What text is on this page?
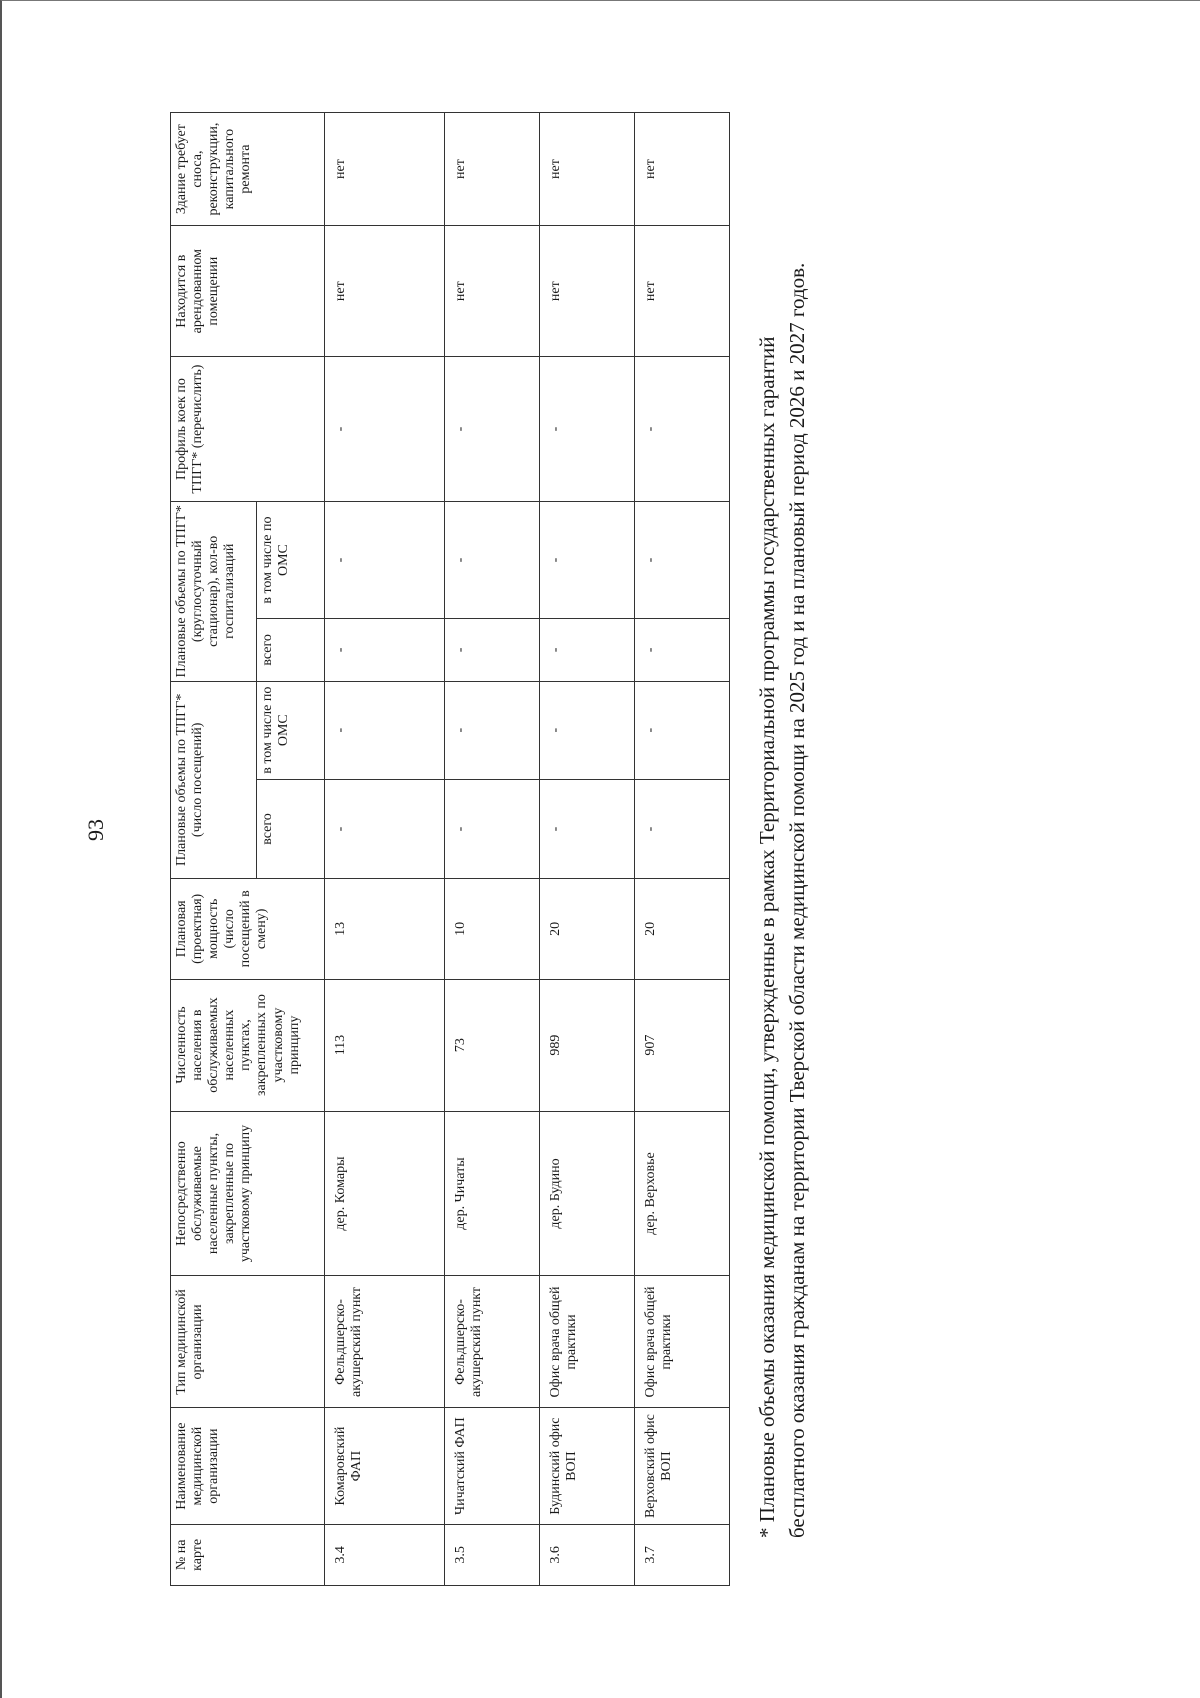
93
№ на карте	Наименование медицинской организации	Тип медицинской организации	Непосредственно обслуживаемые населенные пункты, закрепленные по участковому принципу	Численность населения в обслуживаемых населенных пунктах, закрепленных по участковому принципу	Плановая (проектная) мощность (число посещений в смену)	Плановые объемы по ТПГГ* (число посещений)		Плановые объемы по ТПГГ* (круглосуточный стационар), кол-во госпитализаций		Профиль коек по ТПГГ* (перечислить)	Находится в арендованном помещении	Здание требует сноса, реконструкции, капитального ремонта
						всего	в том числе по ОМС	всего	в том числе по ОМС			
3.4	Комаровский ФАП	Фельдшерско-акушерский пункт	дер. Комары	113	13	-	-	-	-	-	нет	нет
3.5	Чичатский ФАП	Фельдшерско-акушерский пункт	дер. Чичаты	73	10	-	-	-	-	-	нет	нет
3.6	Будинский офис ВОП	Офис врача общей практики	дер. Будино	989	20	-	-	-	-	-	нет	нет
3.7	Верховский офис ВОП	Офис врача общей практики	дер. Верховье	907	20	-	-	-	-	-	нет	нет
* Плановые объемы оказания медицинской помощи, утвержденные в рамках Территориальной программы государственных гарантий бесплатного оказания гражданам на территории Тверской области медицинской помощи на 2025 год и на плановый период 2026 и 2027 годов.
